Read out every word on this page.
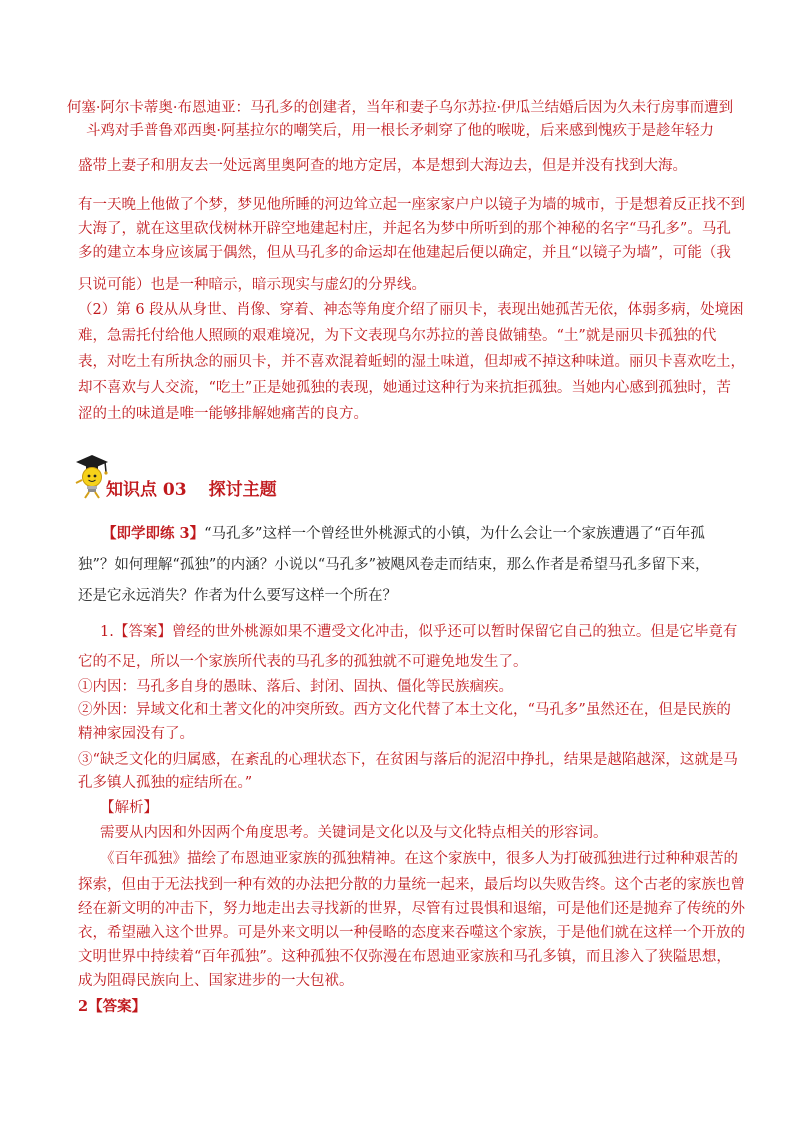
何塞·阿尔卡蒂奥·布恩迪亚：马孔多的创建者，当年和妻子乌尔苏拉·伊瓜兰结婚后因为久未行房事而遭到
斗鸡对手普鲁邓西奥·阿基拉尔的嘲笑后，用一根长矛刺穿了他的喉咙，后来感到愧疚于是趁年轻力
盛带上妻子和朋友去一处远离里奥阿查的地方定居，本是想到大海边去，但是并没有找到大海。
有一天晚上他做了个梦，梦见他所睡的河边耸立起一座家家户户以镜子为墙的城市，于是想着反正找不到
大海了，就在这里砍伐树林开辟空地建起村庄，并起名为梦中所听到的那个神秘的名字“马孔多”。马孔
多的建立本身应该属于偶然，但从马孔多的命运却在他建起后便以确定，并且“以镜子为墙”，可能（我
只说可能）也是一种暗示，暗示现实与虚幻的分界线。
（2）第 6 段从从身世、肖像、穿着、神态等角度介绍了丽贝卡，表现出她孤苦无依，体弱多病，处境困
难，急需托付给他人照顾的艰难境况，为下文表现乌尔苏拉的善良做铺垫。“土”就是丽贝卡孤独的代
表，对吃土有所执念的丽贝卡，并不喜欢混着蚯蚓的湿土味道，但却戒不掉这种味道。丽贝卡喜欢吃土，
却不喜欢与人交流，“吃土”正是她孤独的表现，她通过这种行为来抗拒孤独。当她内心感到孤独时，苦
涩的土的味道是唯一能够排解她痛苦的良方。
知识点 03 探讨主题
【即学即练 3】“马孔多”这样一个曾经世外桃源式的小镇，为什么会让一个家族遭遇了“百年孤
独”？如何理解“孤独”的内涵？小说以“马孔多”被飓风卷走而结束，那么作者是希望马孔多留下来，
还是它永远消失？作者为什么要写这样一个所在？
1.【答案】曾经的世外桃源如果不遭受文化冲击，似乎还可以暂时保留它自己的独立。但是它毕竟有
它的不足，所以一个家族所代表的马孔多的孤独就不可避免地发生了。
①内因：马孔多自身的愚昧、落后、封闭、固执、僵化等民族痼疾。
②外因：异域文化和土著文化的冲突所致。西方文化代替了本土文化，“马孔多”虽然还在，但是民族的
精神家园没有了。
③“缺乏文化的归属感，在紊乱的心理状态下，在贫困与落后的泥沼中挣扎，结果是越陷越深，这就是马
孔多镇人孤独的症结所在。”
【解析】
需要从内因和外因两个角度思考。关键词是文化以及与文化特点相关的形容词。
《百年孤独》描绘了布恩迪亚家族的孤独精神。在这个家族中，很多人为打破孤独进行过种种艰苦的
探索，但由于无法找到一种有效的办法把分散的力量统一起来，最后均以失败告终。这个古老的家族也曾
经在新文明的冲击下，努力地走出去寻找新的世界，尽管有过畏惧和退缩，可是他们还是抛弃了传统的外
衣，希望融入这个世界。可是外来文明以一种侵略的态度来吞噬这个家族，于是他们就在这样一个开放的
文明世界中持续着“百年孤独”。这种孤独不仅弥漫在布恩迪亚家族和马孔多镇，而且渗入了狭隘思想，
成为阻碍民族向上、国家进步的一大包袱。
2【答案】
